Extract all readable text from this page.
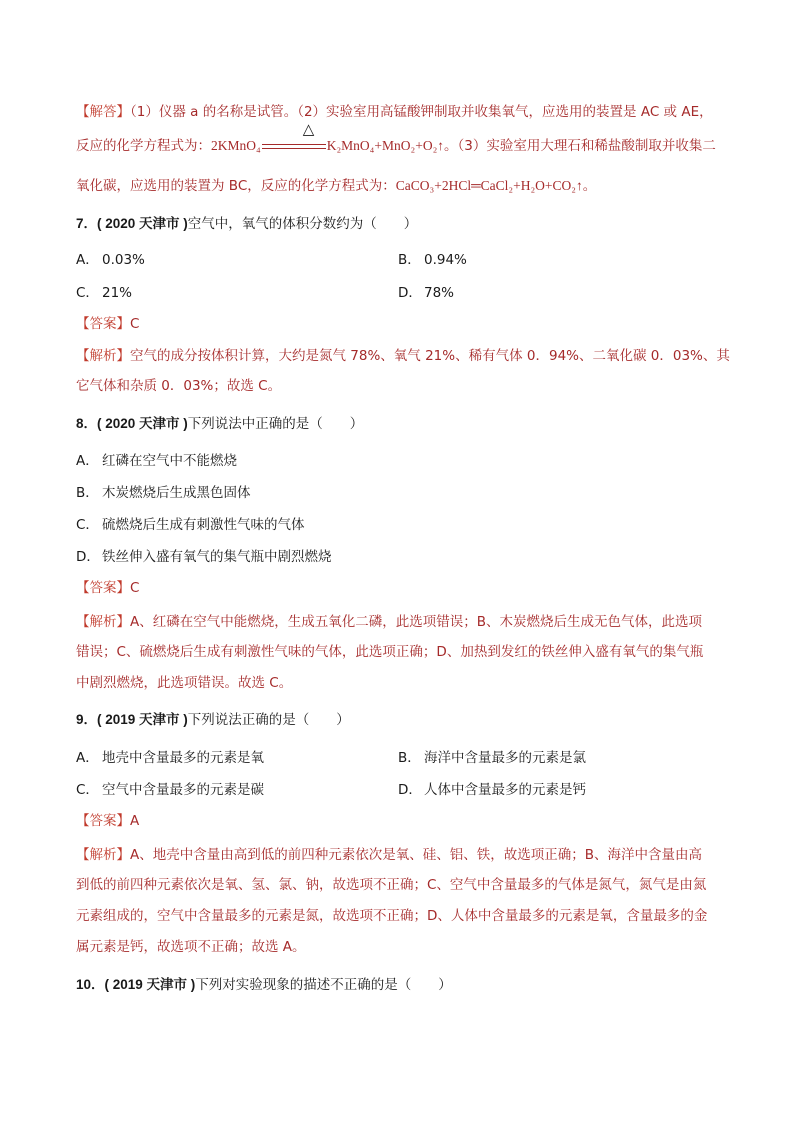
【解答】（1）仪器 a 的名称是试管。（2）实验室用高锰酸钾制取并收集氧气，应选用的装置是 AC 或 AE，
反应的化学方程式为：2KMnO₄
△
K₂MnO₄+MnO₂+O₂↑。（3）实验室用大理石和稀盐酸制取并收集二
氧化碳，应选用的装置为 BC，反应的化学方程式为：CaCO₃+2HCl═CaCl₂+H₂O+CO₂↑。
7．( 2020 天津市 )空气中，氧气的体积分数约为（　　）
A． 0.03%	B． 0.94%
C． 21%	D． 78%
【答案】C
【解析】空气的成分按体积计算，大约是氮气 78%、氧气 21%、稀有气体 0．94%、二氧化碳 0．03%、其
它气体和杂质 0．03%；故选 C。
8．( 2020 天津市 )下列说法中正确的是（　　）
A． 红磷在空气中不能燃烧
B． 木炭燃烧后生成黑色固体
C． 硫燃烧后生成有刺激性气味的气体
D． 铁丝伸入盛有氧气的集气瓶中剧烈燃烧
【答案】C
【解析】A、红磷在空气中能燃烧，生成五氧化二磷，此选项错误；B、木炭燃烧后生成无色气体，此选项
错误；C、硫燃烧后生成有刺激性气味的气体，此选项正确；D、加热到发红的铁丝伸入盛有氧气的集气瓶
中剧烈燃烧，此选项错误。故选 C。
9．( 2019 天津市 )下列说法正确的是（　　）
A． 地壳中含量最多的元素是氧	B． 海洋中含量最多的元素是氯
C． 空气中含量最多的元素是碳	D． 人体中含量最多的元素是钙
【答案】A
【解析】A、地壳中含量由高到低的前四种元素依次是氧、硅、铝、铁，故选项正确；B、海洋中含量由高
到低的前四种元素依次是氧、氢、氯、钠，故选项不正确；C、空气中含量最多的气体是氮气，氮气是由氮
元素组成的，空气中含量最多的元素是氮，故选项不正确；D、人体中含量最多的元素是氧，含量最多的金
属元素是钙，故选项不正确；故选 A。
10．( 2019 天津市 )下列对实验现象的描述不正确的是（　　）
